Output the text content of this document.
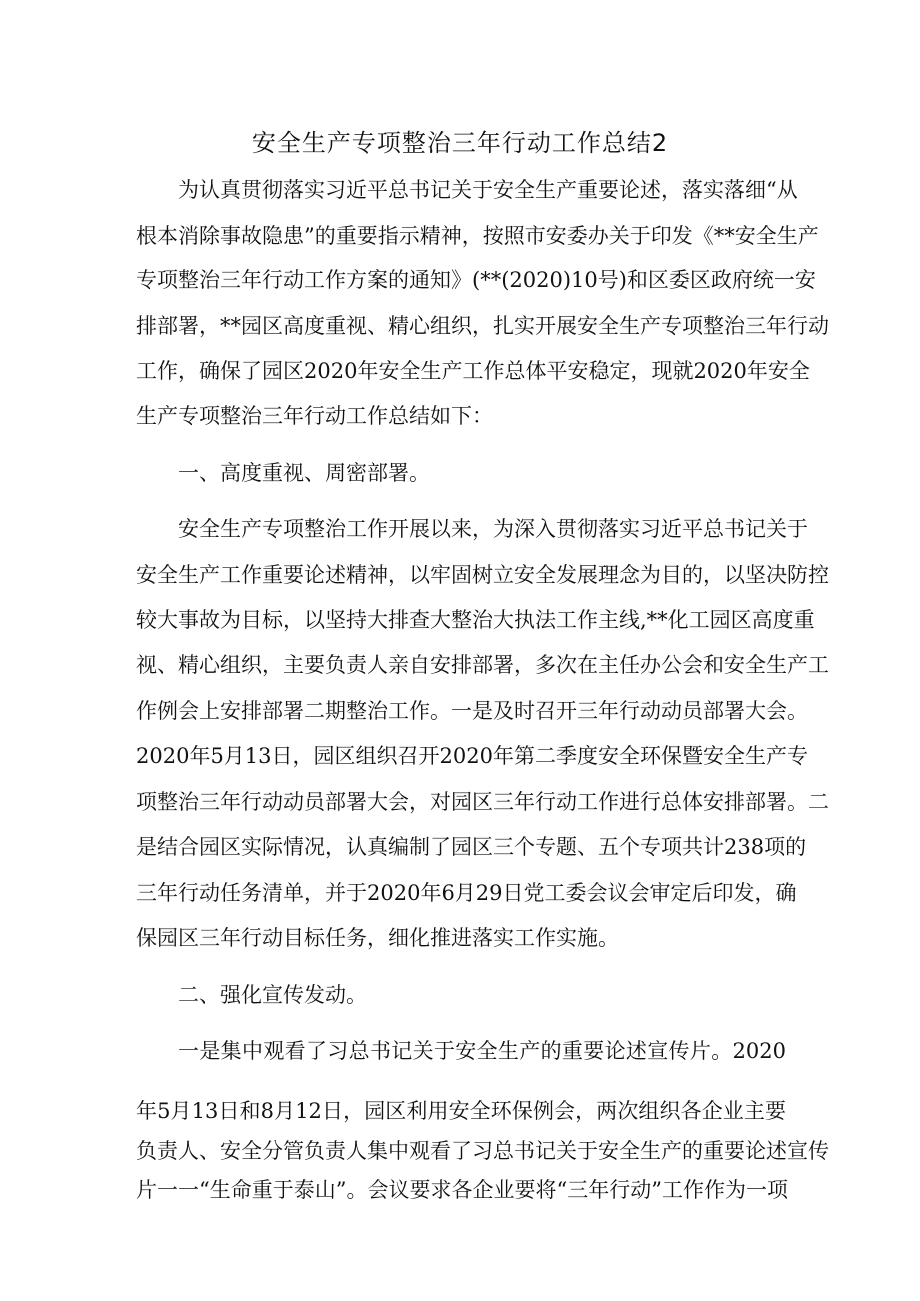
安全生产专项整治三年行动工作总结2

为认真贯彻落实习近平总书记关于安全生产重要论述，落实落细“从

根本消除事故隐患”的重要指示精神，按照市安委办关于印发《**安全生产

专项整治三年行动工作方案的通知》(**(2020)10号)和区委区政府统一安

排部署，**园区高度重视、精心组织，扎实开展安全生产专项整治三年行动

工作，确保了园区2020年安全生产工作总体平安稳定，现就2020年安全

生产专项整治三年行动工作总结如下：

一、高度重视、周密部署。

安全生产专项整治工作开展以来，为深入贯彻落实习近平总书记关于

安全生产工作重要论述精神，以牢固树立安全发展理念为目的，以坚决防控

较大事故为目标，以坚持大排查大整治大执法工作主线,**化工园区高度重

视、精心组织，主要负责人亲自安排部署，多次在主任办公会和安全生产工

作例会上安排部署二期整治工作。一是及时召开三年行动动员部署大会。

2020年5月13日，园区组织召开2020年第二季度安全环保暨安全生产专

项整治三年行动动员部署大会，对园区三年行动工作进行总体安排部署。二

是结合园区实际情况，认真编制了园区三个专题、五个专项共计238项的

三年行动任务清单，并于2020年6月29日党工委会议会审定后印发，确

保园区三年行动目标任务，细化推进落实工作实施。

二、强化宣传发动。

一是集中观看了习总书记关于安全生产的重要论述宣传片。2020

年5月13日和8月12日，园区利用安全环保例会，两次组织各企业主要

负责人、安全分管负责人集中观看了习总书记关于安全生产的重要论述宣传

片一一“生命重于泰山”。会议要求各企业要将“三年行动”工作作为一项
